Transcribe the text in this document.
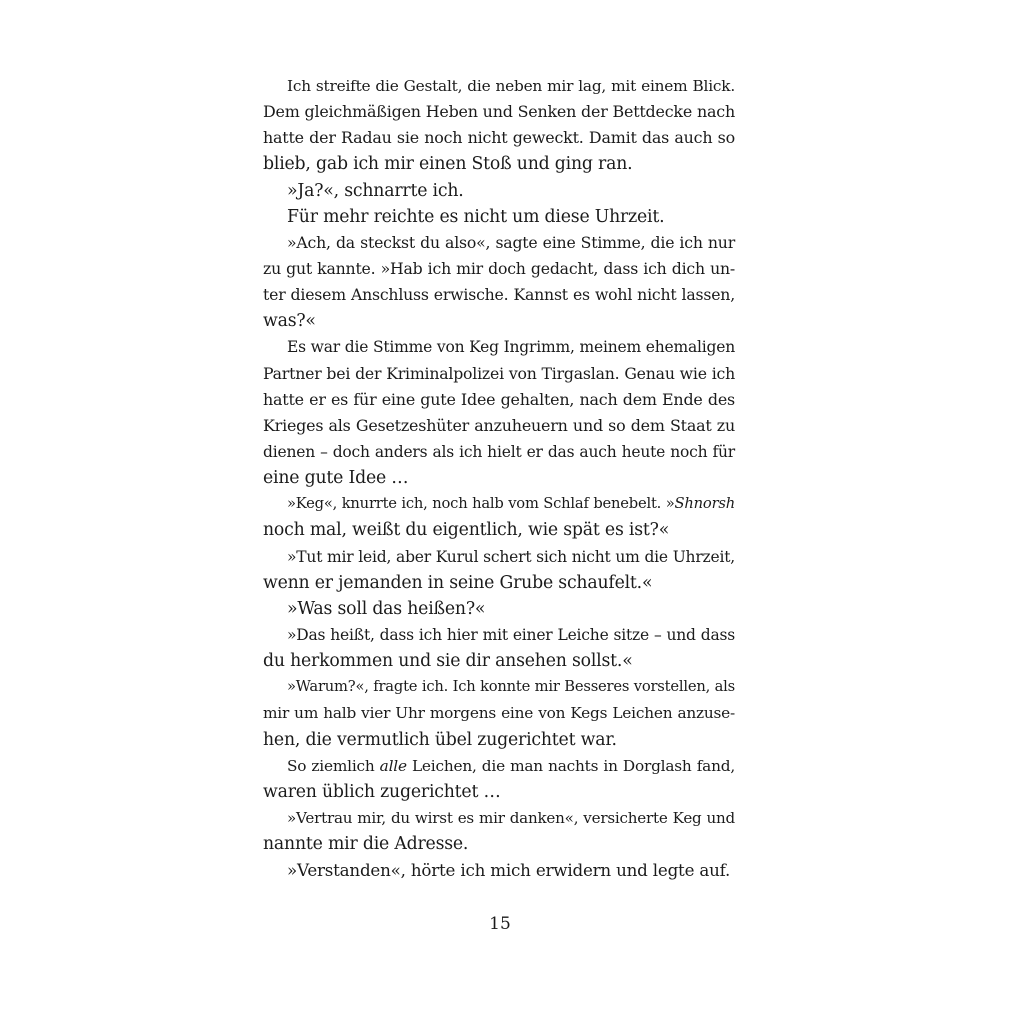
Ich streifte die Gestalt, die neben mir lag, mit einem Blick.
Dem gleichmäßigen Heben und Senken der Bettdecke nach
hatte der Radau sie noch nicht geweckt. Damit das auch so
blieb, gab ich mir einen Stoß und ging ran.
»Ja?«, schnarrte ich.
Für mehr reichte es nicht um diese Uhrzeit.
»Ach, da steckst du also«, sagte eine Stimme, die ich nur
zu gut kannte. »Hab ich mir doch gedacht, dass ich dich un-
ter diesem Anschluss erwische. Kannst es wohl nicht lassen,
was?«
Es war die Stimme von Keg Ingrimm, meinem ehemaligen
Partner bei der Kriminalpolizei von Tirgaslan. Genau wie ich
hatte er es für eine gute Idee gehalten, nach dem Ende des
Krieges als Gesetzeshüter anzuheuern und so dem Staat zu
dienen – doch anders als ich hielt er das auch heute noch für
eine gute Idee …
»Keg«, knurrte ich, noch halb vom Schlaf benebelt. »Shnorsh
noch mal, weißt du eigentlich, wie spät es ist?«
»Tut mir leid, aber Kurul schert sich nicht um die Uhrzeit,
wenn er jemanden in seine Grube schaufelt.«
»Was soll das heißen?«
»Das heißt, dass ich hier mit einer Leiche sitze – und dass
du herkommen und sie dir ansehen sollst.«
»Warum?«, fragte ich. Ich konnte mir Besseres vorstellen, als
mir um halb vier Uhr morgens eine von Kegs Leichen anzuse-
hen, die vermutlich übel zugerichtet war.
So ziemlich alle Leichen, die man nachts in Dorglash fand,
waren üblich zugerichtet …
»Vertrau mir, du wirst es mir danken«, versicherte Keg und
nannte mir die Adresse.
»Verstanden«, hörte ich mich erwidern und legte auf.
15
